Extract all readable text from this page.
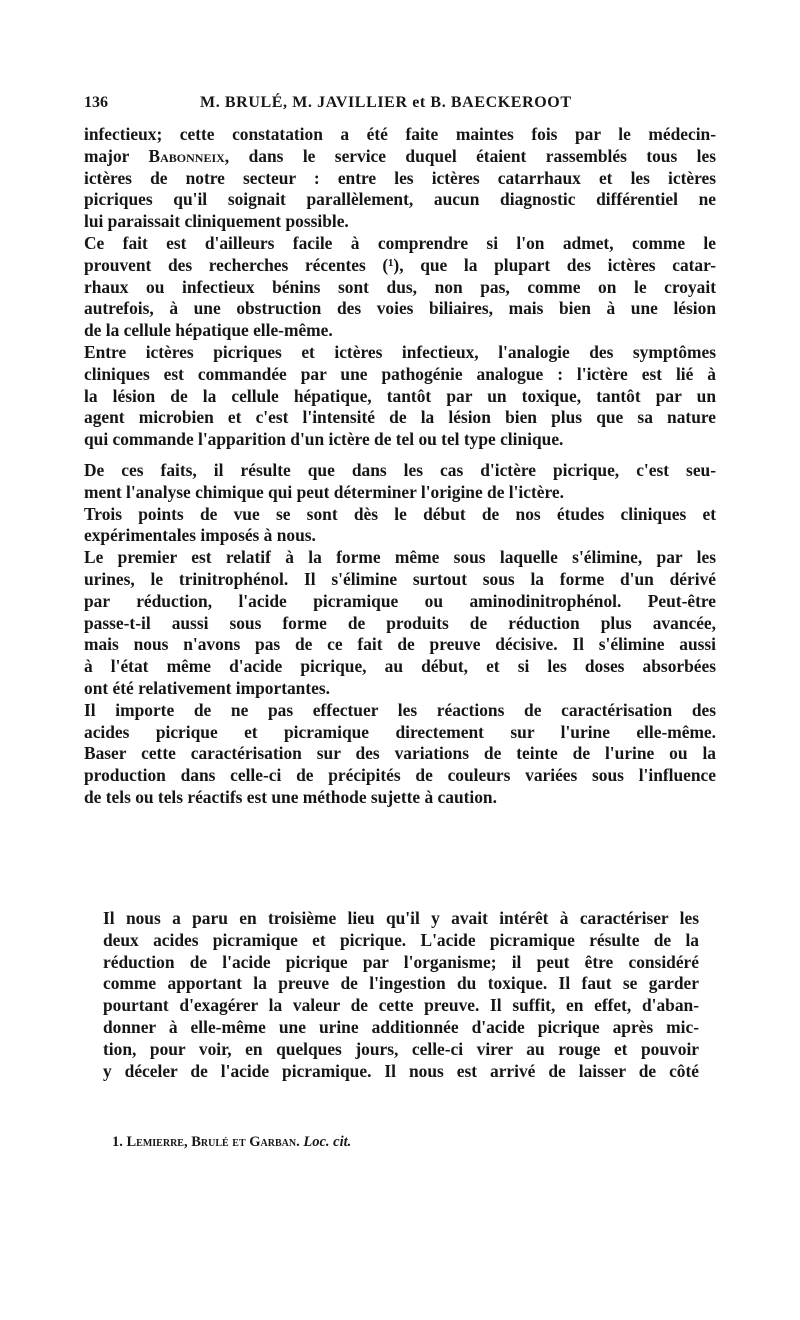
136	M. BRULÉ, M. JAVILLIER et B. BAECKEROOT
infectieux; cette constatation a été faite maintes fois par le médecin-
major Babonneix, dans le service duquel étaient rassemblés tous les
ictères de notre secteur : entre les ictères catarrhaux et les ictères
picriques qu'il soignait parallèlement, aucun diagnostic différentiel ne
lui paraissait cliniquement possible.
Ce fait est d'ailleurs facile à comprendre si l'on admet, comme le
prouvent des recherches récentes (¹), que la plupart des ictères catar-
rhaux ou infectieux bénins sont dus, non pas, comme on le croyait
autrefois, à une obstruction des voies biliaires, mais bien à une lésion
de la cellule hépatique elle-même.
Entre ictères picriques et ictères infectieux, l'analogie des symptômes
cliniques est commandée par une pathogénie analogue : l'ictère est lié à
la lésion de la cellule hépatique, tantôt par un toxique, tantôt par un
agent microbien et c'est l'intensité de la lésion bien plus que sa nature
qui commande l'apparition d'un ictère de tel ou tel type clinique.
De ces faits, il résulte que dans les cas d'ictère picrique, c'est seu-
ment l'analyse chimique qui peut déterminer l'origine de l'ictère.
Trois points de vue se sont dès le début de nos études cliniques et
expérimentales imposés à nous.
Le premier est relatif à la forme même sous laquelle s'élimine, par les
urines, le trinitrophénol. Il s'élimine surtout sous la forme d'un dérivé
par réduction, l'acide picramique ou aminodinitrophénol. Peut-être
passe-t-il aussi sous forme de produits de réduction plus avancée,
mais nous n'avons pas de ce fait de preuve décisive. Il s'élimine aussi
à l'état même d'acide picrique, au début, et si les doses absorbées
ont été relativement importantes.
Il importe de ne pas effectuer les réactions de caractérisation des
acides picrique et picramique directement sur l'urine elle-même.
Baser cette caractérisation sur des variations de teinte de l'urine ou la
production dans celle-ci de précipités de couleurs variées sous l'influence
de tels ou tels réactifs est une méthode sujette à caution.
Il nous a paru en troisième lieu qu'il y avait intérêt à caractériser les
deux acides picramique et picrique. L'acide picramique résulte de la
réduction de l'acide picrique par l'organisme; il peut être considéré
comme apportant la preuve de l'ingestion du toxique. Il faut se garder
pourtant d'exagérer la valeur de cette preuve. Il suffit, en effet, d'aban-
donner à elle-même une urine additionnée d'acide picrique après mic-
tion, pour voir, en quelques jours, celle-ci virer au rouge et pouvoir
y déceler de l'acide picramique. Il nous est arrivé de laisser de côté
1. Lemierre, Brulé et Garban. Loc. cit.
